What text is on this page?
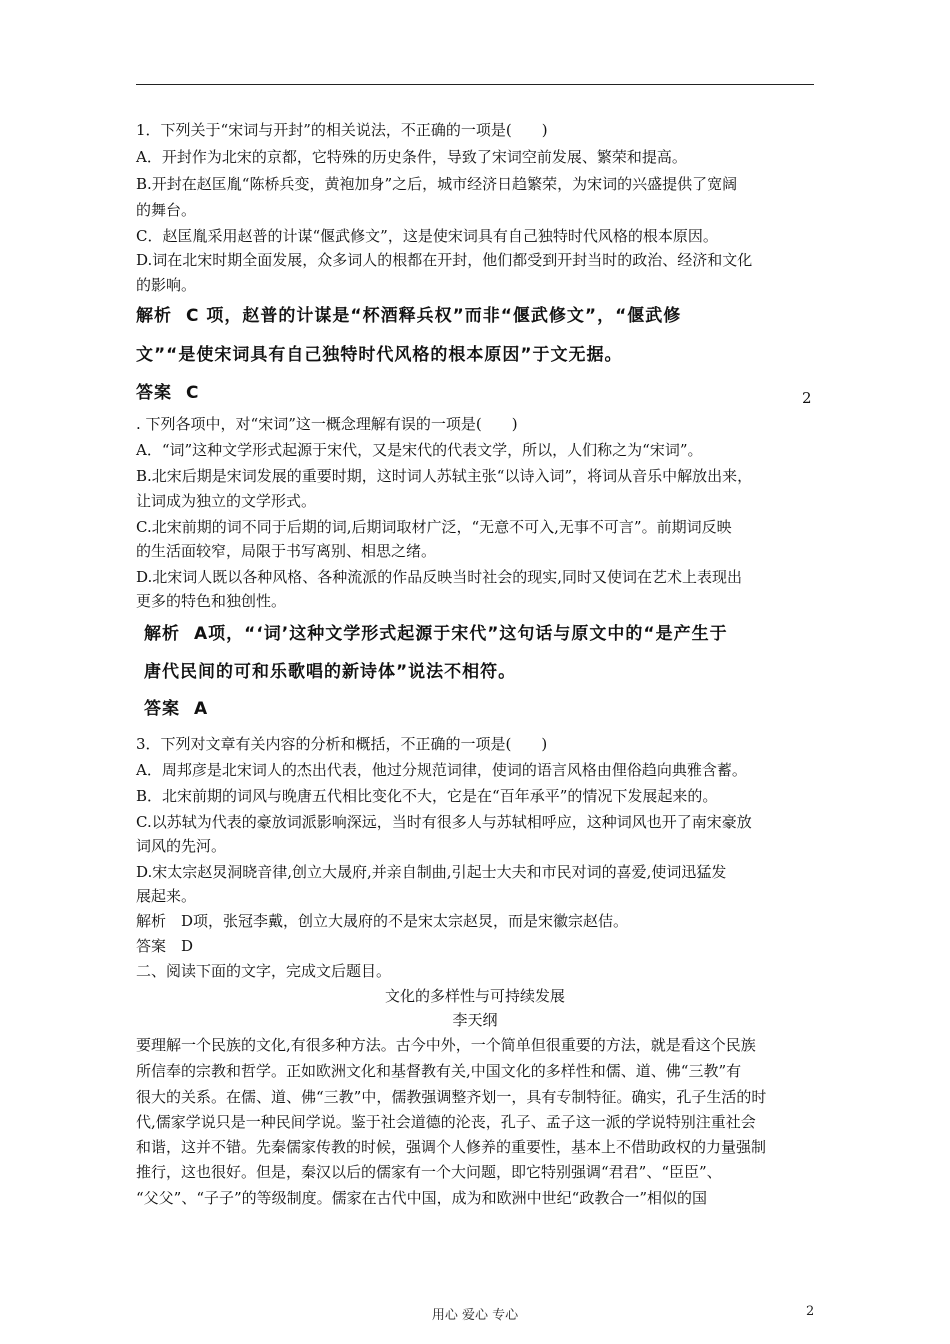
1．下列关于“宋词与开封”的相关说法，不正确的一项是(　　)
A．开封作为北宋的京都，它特殊的历史条件，导致了宋词空前发展、繁荣和提高。
B.开封在赵匡胤“陈桥兵变，黄袍加身”之后，城市经济日趋繁荣，为宋词的兴盛提供了宽阔
的舞台。
C．赵匡胤采用赵普的计谋“偃武修文”，这是使宋词具有自己独特时代风格的根本原因。
D.词在北宋时期全面发展，众多词人的根都在开封，他们都受到开封当时的政治、经济和文化
的影响。
解析 C 项，赵普的计谋是“杯酒释兵权”而非“偃武修文”，“偃武修
文”“是使宋词具有自己独特时代风格的根本原因”于文无据。
答案 C	2
. 下列各项中，对“宋词”这一概念理解有误的一项是(　　)
A．“词”这种文学形式起源于宋代，又是宋代的代表文学，所以，人们称之为“宋词”。
B.北宋后期是宋词发展的重要时期，这时词人苏轼主张“以诗入词”，将词从音乐中解放出来，
让词成为独立的文学形式。
C.北宋前期的词不同于后期的词,后期词取材广泛，“无意不可入,无事不可言”。前期词反映
的生活面较窄，局限于书写离别、相思之绪。
D.北宋词人既以各种风格、各种流派的作品反映当时社会的现实,同时又使词在艺术上表现出
更多的特色和独创性。
解析 A项，“‘词’这种文学形式起源于宋代”这句话与原文中的“是产生于
唐代民间的可和乐歌唱的新诗体”说法不相符。
答案 A
3．下列对文章有关内容的分析和概括，不正确的一项是(　　)
A．周邦彦是北宋词人的杰出代表，他过分规范词律，使词的语言风格由俚俗趋向典雅含蓄。
B．北宋前期的词风与晚唐五代相比变化不大，它是在“百年承平”的情况下发展起来的。
C.以苏轼为代表的豪放词派影响深远，当时有很多人与苏轼相呼应，这种词风也开了南宋豪放
词风的先河。
D.宋太宗赵炅洞晓音律,创立大晟府,并亲自制曲,引起士大夫和市民对词的喜爱,使词迅猛发
展起来。
解析　D项，张冠李戴，创立大晟府的不是宋太宗赵炅，而是宋徽宗赵佶。
答案　D
二、阅读下面的文字，完成文后题目。
文化的多样性与可持续发展
李天纲
要理解一个民族的文化,有很多种方法。古今中外，一个简单但很重要的方法，就是看这个民族
所信奉的宗教和哲学。正如欧洲文化和基督教有关,中国文化的多样性和儒、道、佛“三教”有
很大的关系。在儒、道、佛“三教”中，儒教强调整齐划一，具有专制特征。确实，孔子生活的时
代,儒家学说只是一种民间学说。鉴于社会道德的沦丧，孔子、孟子这一派的学说特别注重社会
和谐，这并不错。先秦儒家传教的时候，强调个人修养的重要性，基本上不借助政权的力量强制
推行，这也很好。但是，秦汉以后的儒家有一个大问题，即它特别强调“君君”、“臣臣”、
“父父”、“子子”的等级制度。儒家在古代中国，成为和欧洲中世纪“政教合一”相似的国
用心 爱心 专心	2
